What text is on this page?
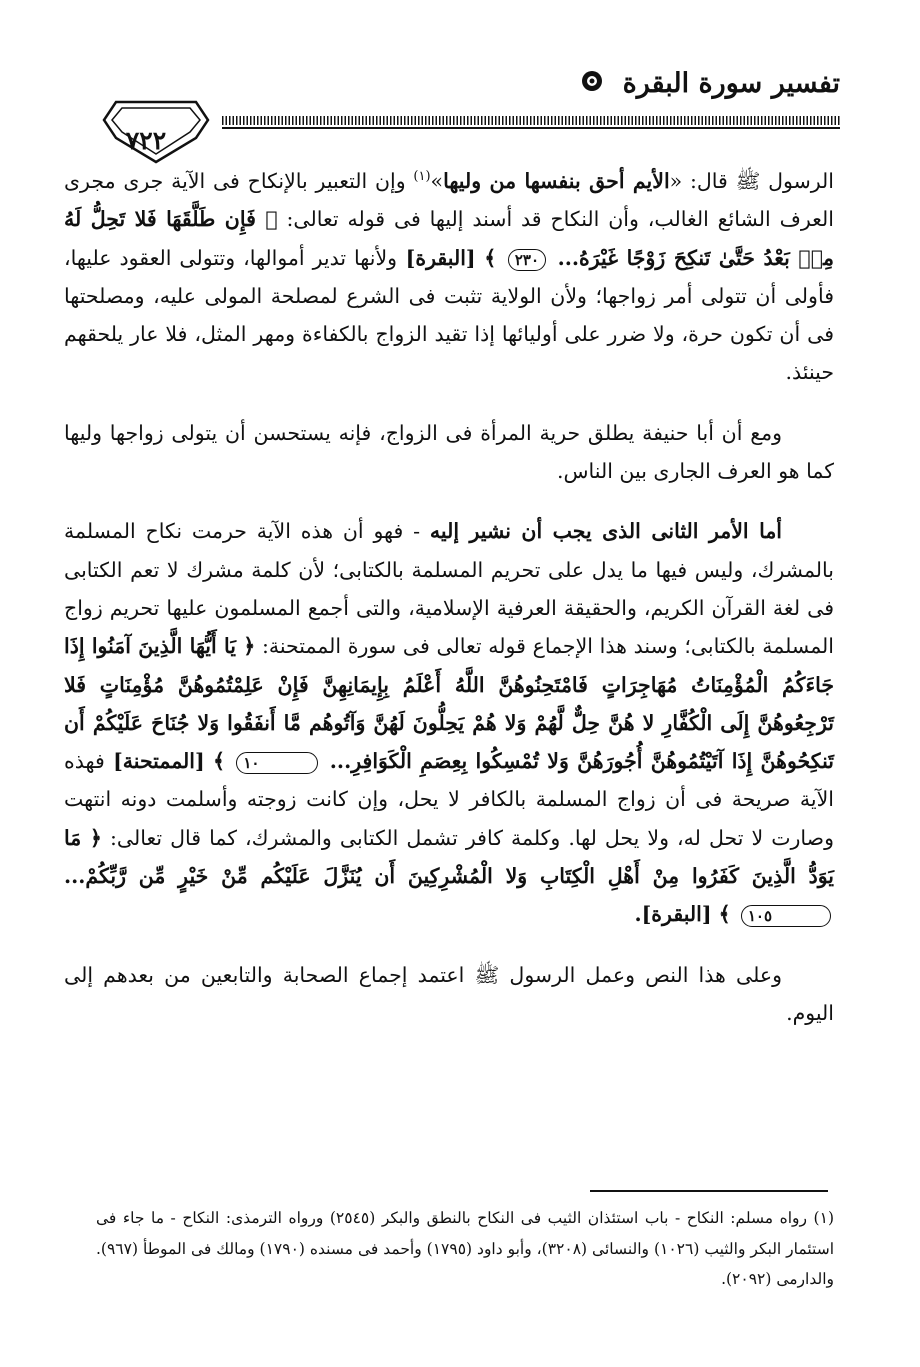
تفسير سورة البقرة
٧٢٢

الرسول ﷺ قال: «الأيم أحق بنفسها من وليها»$^{(١)}$ وإن التعبير بالإنكاح فى الآية جرى مجرى العرف الشائع الغالب، وأن النكاح قد أسند إليها فى قوله تعالى: ﴿ فَإِن طَلَّقَهَا فَلا تَحِلُّ لَهُ مِنۢ بَعْدُ حَتَّىٰ تَنكِحَ زَوْجًا غَيْرَهُ... ٢٣٠ ﴾ [البقرة] ولأنها تدير أموالها، وتتولى العقود عليها، فأولى أن تتولى أمر زواجها؛ ولأن الولاية تثبت فى الشرع لمصلحة المولى عليه، ومصلحتها فى أن تكون حرة، ولا ضرر على أوليائها إذا تقيد الزواج بالكفاءة ومهر المثل، فلا عار يلحقهم حينئذ.

ومع أن أبا حنيفة يطلق حرية المرأة فى الزواج، فإنه يستحسن أن يتولى زواجها وليها كما هو العرف الجارى بين الناس.

أما الأمر الثانى الذى يجب أن نشير إليه - فهو أن هذه الآية حرمت نكاح المسلمة بالمشرك، وليس فيها ما يدل على تحريم المسلمة بالكتابى؛ لأن كلمة مشرك لا تعم الكتابى فى لغة القرآن الكريم، والحقيقة العرفية الإسلامية، والتى أجمع المسلمون عليها تحريم زواج المسلمة بالكتابى؛ وسند هذا الإجماع قوله تعالى فى سورة الممتحنة: ﴿ يَا أَيُّهَا الَّذِينَ آمَنُوا إِذَا جَاءَكُمُ الْمُؤْمِنَاتُ مُهَاجِرَاتٍ فَامْتَحِنُوهُنَّ اللَّهُ أَعْلَمُ بِإِيمَانِهِنَّ فَإِنْ عَلِمْتُمُوهُنَّ مُؤْمِنَاتٍ فَلا تَرْجِعُوهُنَّ إِلَى الْكُفَّارِ لا هُنَّ حِلٌّ لَّهُمْ وَلا هُمْ يَحِلُّونَ لَهُنَّ وَآتُوهُم مَّا أَنفَقُوا وَلا جُنَاحَ عَلَيْكُمْ أَن تَنكِحُوهُنَّ إِذَا آتَيْتُمُوهُنَّ أُجُورَهُنَّ وَلا تُمْسِكُوا بِعِصَمِ الْكَوَافِرِ... ١٠ ﴾ [الممتحنة] فهذه الآية صريحة فى أن زواج المسلمة بالكافر لا يحل، وإن كانت زوجته وأسلمت دونه انتهت وصارت لا تحل له، ولا يحل لها. وكلمة كافر تشمل الكتابى والمشرك، كما قال تعالى: ﴿ مَا يَوَدُّ الَّذِينَ كَفَرُوا مِنْ أَهْلِ الْكِتَابِ وَلا الْمُشْرِكِينَ أَن يُنَزَّلَ عَلَيْكُم مِّنْ خَيْرٍ مِّن رَّبِّكُمْ... ١٠٥ ﴾ [البقرة].

وعلى هذا النص وعمل الرسول ﷺ اعتمد إجماع الصحابة والتابعين من بعدهم إلى اليوم.

(١) رواه مسلم: النكاح - باب استئذان الثيب فى النكاح بالنطق والبكر (٢٥٤٥) ورواه الترمذى: النكاح - ما جاء فى استئمار البكر والثيب (١٠٢٦) والنسائى (٣٢٠٨)، وأبو داود (١٧٩٥) وأحمد فى مسنده (١٧٩٠) ومالك فى الموطأ (٩٦٧). والدارمى (٢٠٩٢).
